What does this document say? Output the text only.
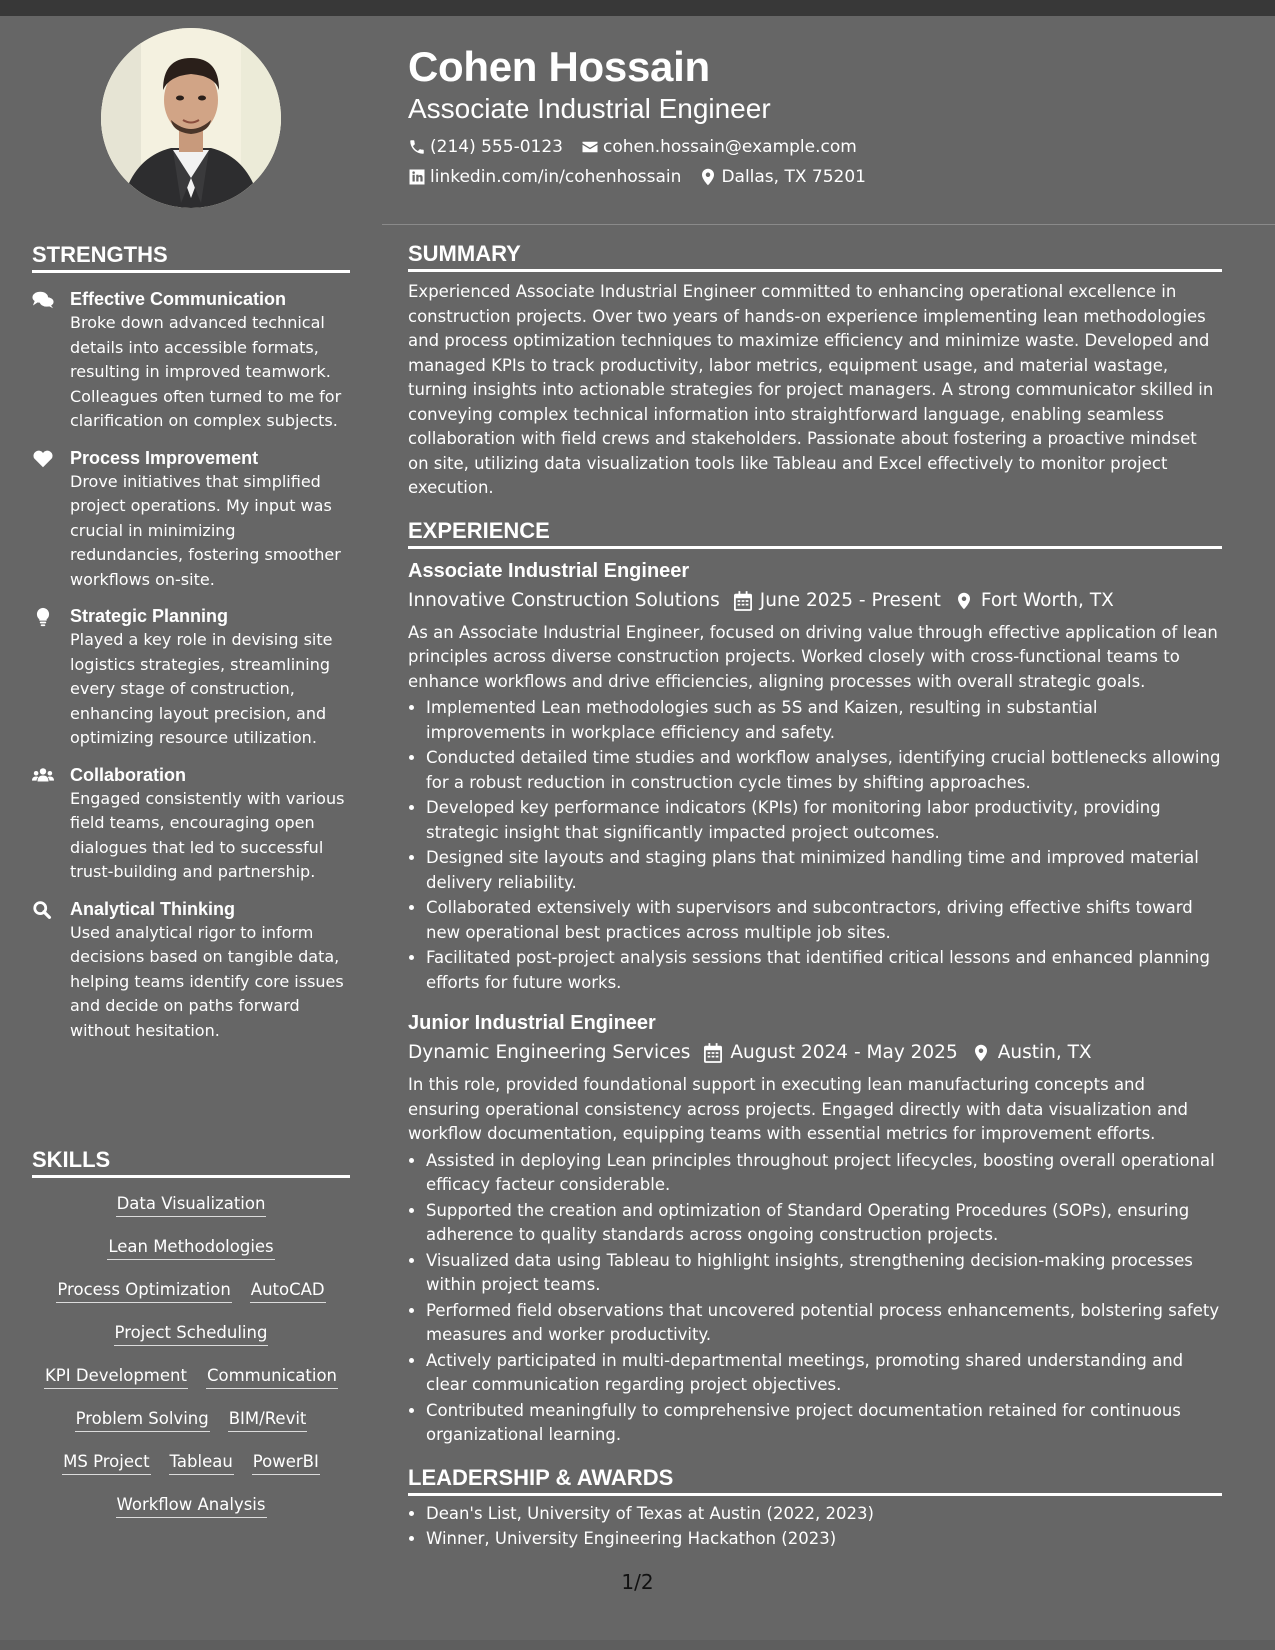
STRENGTHS
Effective Communication
Broke down advanced technical details into accessible formats, resulting in improved teamwork. Colleagues often turned to me for clarification on complex subjects.
Process Improvement
Drove initiatives that simplified project operations. My input was crucial in minimizing redundancies, fostering smoother workflows on-site.
Strategic Planning
Played a key role in devising site logistics strategies, streamlining every stage of construction, enhancing layout precision, and optimizing resource utilization.
Collaboration
Engaged consistently with various field teams, encouraging open dialogues that led to successful trust-building and partnership.
Analytical Thinking
Used analytical rigor to inform decisions based on tangible data, helping teams identify core issues and decide on paths forward without hesitation.
SKILLS
Data Visualization
Lean Methodologies
Process Optimization AutoCAD
Project Scheduling
KPI Development Communication
Problem Solving BIM/Revit
MS Project Tableau PowerBI
Workflow Analysis
Cohen Hossain
Associate Industrial Engineer
(214) 555-0123 cohen.hossain@example.com
linkedin.com/in/cohenhossain Dallas, TX 75201
SUMMARY

Experienced Associate Industrial Engineer committed to enhancing operational excellence in construction projects. Over two years of hands-on experience implementing lean methodologies and process optimization techniques to maximize efficiency and minimize waste. Developed and managed KPIs to track productivity, labor metrics, equipment usage, and material wastage, turning insights into actionable strategies for project managers. A strong communicator skilled in conveying complex technical information into straightforward language, enabling seamless collaboration with field crews and stakeholders. Passionate about fostering a proactive mindset on site, utilizing data visualization tools like Tableau and Excel effectively to monitor project execution.

EXPERIENCE
Associate Industrial Engineer
Innovative Construction Solutions June 2025 - Present Fort Worth, TX

As an Associate Industrial Engineer, focused on driving value through effective application of lean principles across diverse construction projects. Worked closely with cross-functional teams to enhance workflows and drive efficiencies, aligning processes with overall strategic goals.

• Implemented Lean methodologies such as 5S and Kaizen, resulting in substantial improvements in workplace efficiency and safety.
• Conducted detailed time studies and workflow analyses, identifying crucial bottlenecks allowing for a robust reduction in construction cycle times by shifting approaches.
• Developed key performance indicators (KPIs) for monitoring labor productivity, providing strategic insight that significantly impacted project outcomes.
• Designed site layouts and staging plans that minimized handling time and improved material delivery reliability.
• Collaborated extensively with supervisors and subcontractors, driving effective shifts toward new operational best practices across multiple job sites.
• Facilitated post-project analysis sessions that identified critical lessons and enhanced planning efforts for future works.
Junior Industrial Engineer
Dynamic Engineering Services August 2024 - May 2025 Austin, TX

In this role, provided foundational support in executing lean manufacturing concepts and ensuring operational consistency across projects. Engaged directly with data visualization and workflow documentation, equipping teams with essential metrics for improvement efforts.

• Assisted in deploying Lean principles throughout project lifecycles, boosting overall operational efficacy facteur considerable.
• Supported the creation and optimization of Standard Operating Procedures (SOPs), ensuring adherence to quality standards across ongoing construction projects.
• Visualized data using Tableau to highlight insights, strengthening decision-making processes within project teams.
• Performed field observations that uncovered potential process enhancements, bolstering safety measures and worker productivity.
• Actively participated in multi-departmental meetings, promoting shared understanding and clear communication regarding project objectives.
• Contributed meaningfully to comprehensive project documentation retained for continuous organizational learning.
LEADERSHIP & AWARDS
• Dean's List, University of Texas at Austin (2022, 2023)
• Winner, University Engineering Hackathon (2023)
1/2
